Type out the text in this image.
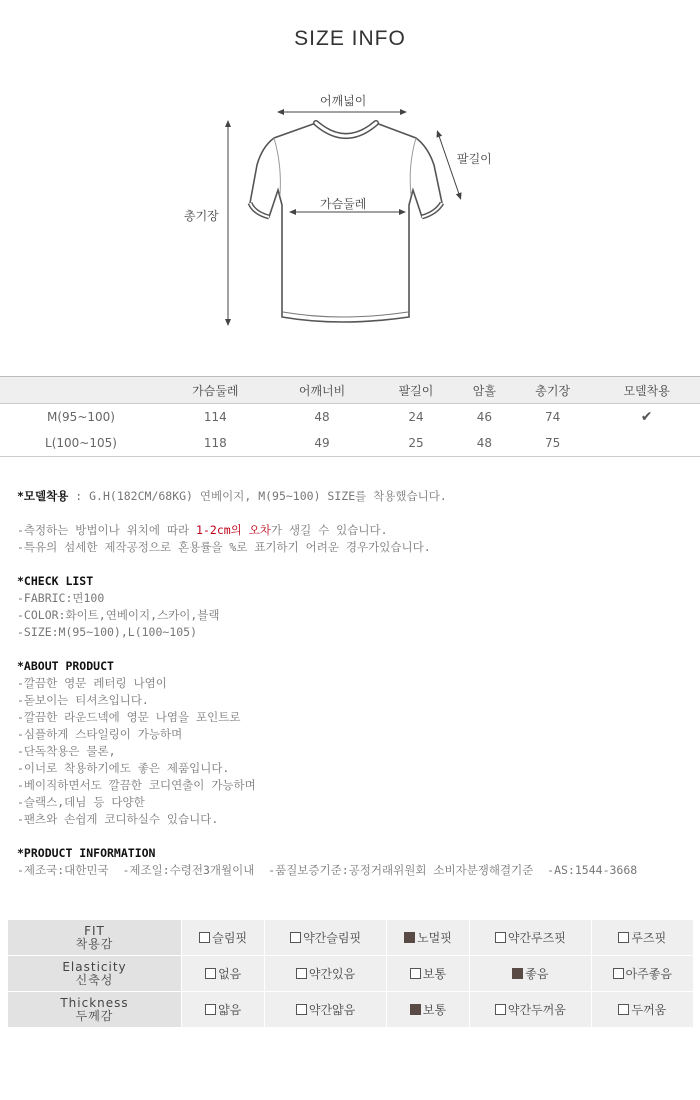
SIZE INFO
어깨넓이
가슴둘레
총기장
팔길이
	가슴둘레	어깨너비	팔길이	암홀	총기장	모델착용
M(95~100)	114	48	24	46	74	✔
L(100~105)	118	49	25	48	75	
*모델착용 : G.H(182CM/68KG) 연베이지, M(95~100) SIZE를 착용했습니다.
-측정하는 방법이나 위치에 따라 1-2cm의 오차가 생길 수 있습니다.
-특유의 섬세한 제작공정으로 혼용률을 %로 표기하기 어려운 경우가있습니다.
*CHECK LIST
-FABRIC:면100
-COLOR:화이트,연베이지,스카이,블랙
-SIZE:M(95~100),L(100~105)
*ABOUT PRODUCT
-깔끔한 영문 레터링 나염이
-돋보이는 티셔츠입니다.
-깔끔한 라운드넥에 영문 나염을 포인트로
-심플하게 스타일링이 가능하며
-단독착용은 물론,
-이너로 착용하기에도 좋은 제품입니다.
-베이직하면서도 깔끔한 코디연출이 가능하며
-슬랙스,데님 등 다양한
-팬츠와 손쉽게 코디하실수 있습니다.
*PRODUCT INFORMATION
-제조국:대한민국  -제조일:수령전3개월이내  -품질보증기준:공정거래위원회 소비자분쟁해결기준  -AS:1544-3668
FIT
착용감	슬림핏	약간슬림핏	노멀핏	약간루즈핏	루즈핏

Elasticity
신축성	없음	약간있음	보통	좋음	아주좋음

Thickness
두께감	얇음	약간얇음	보통	약간두꺼움	두꺼움
